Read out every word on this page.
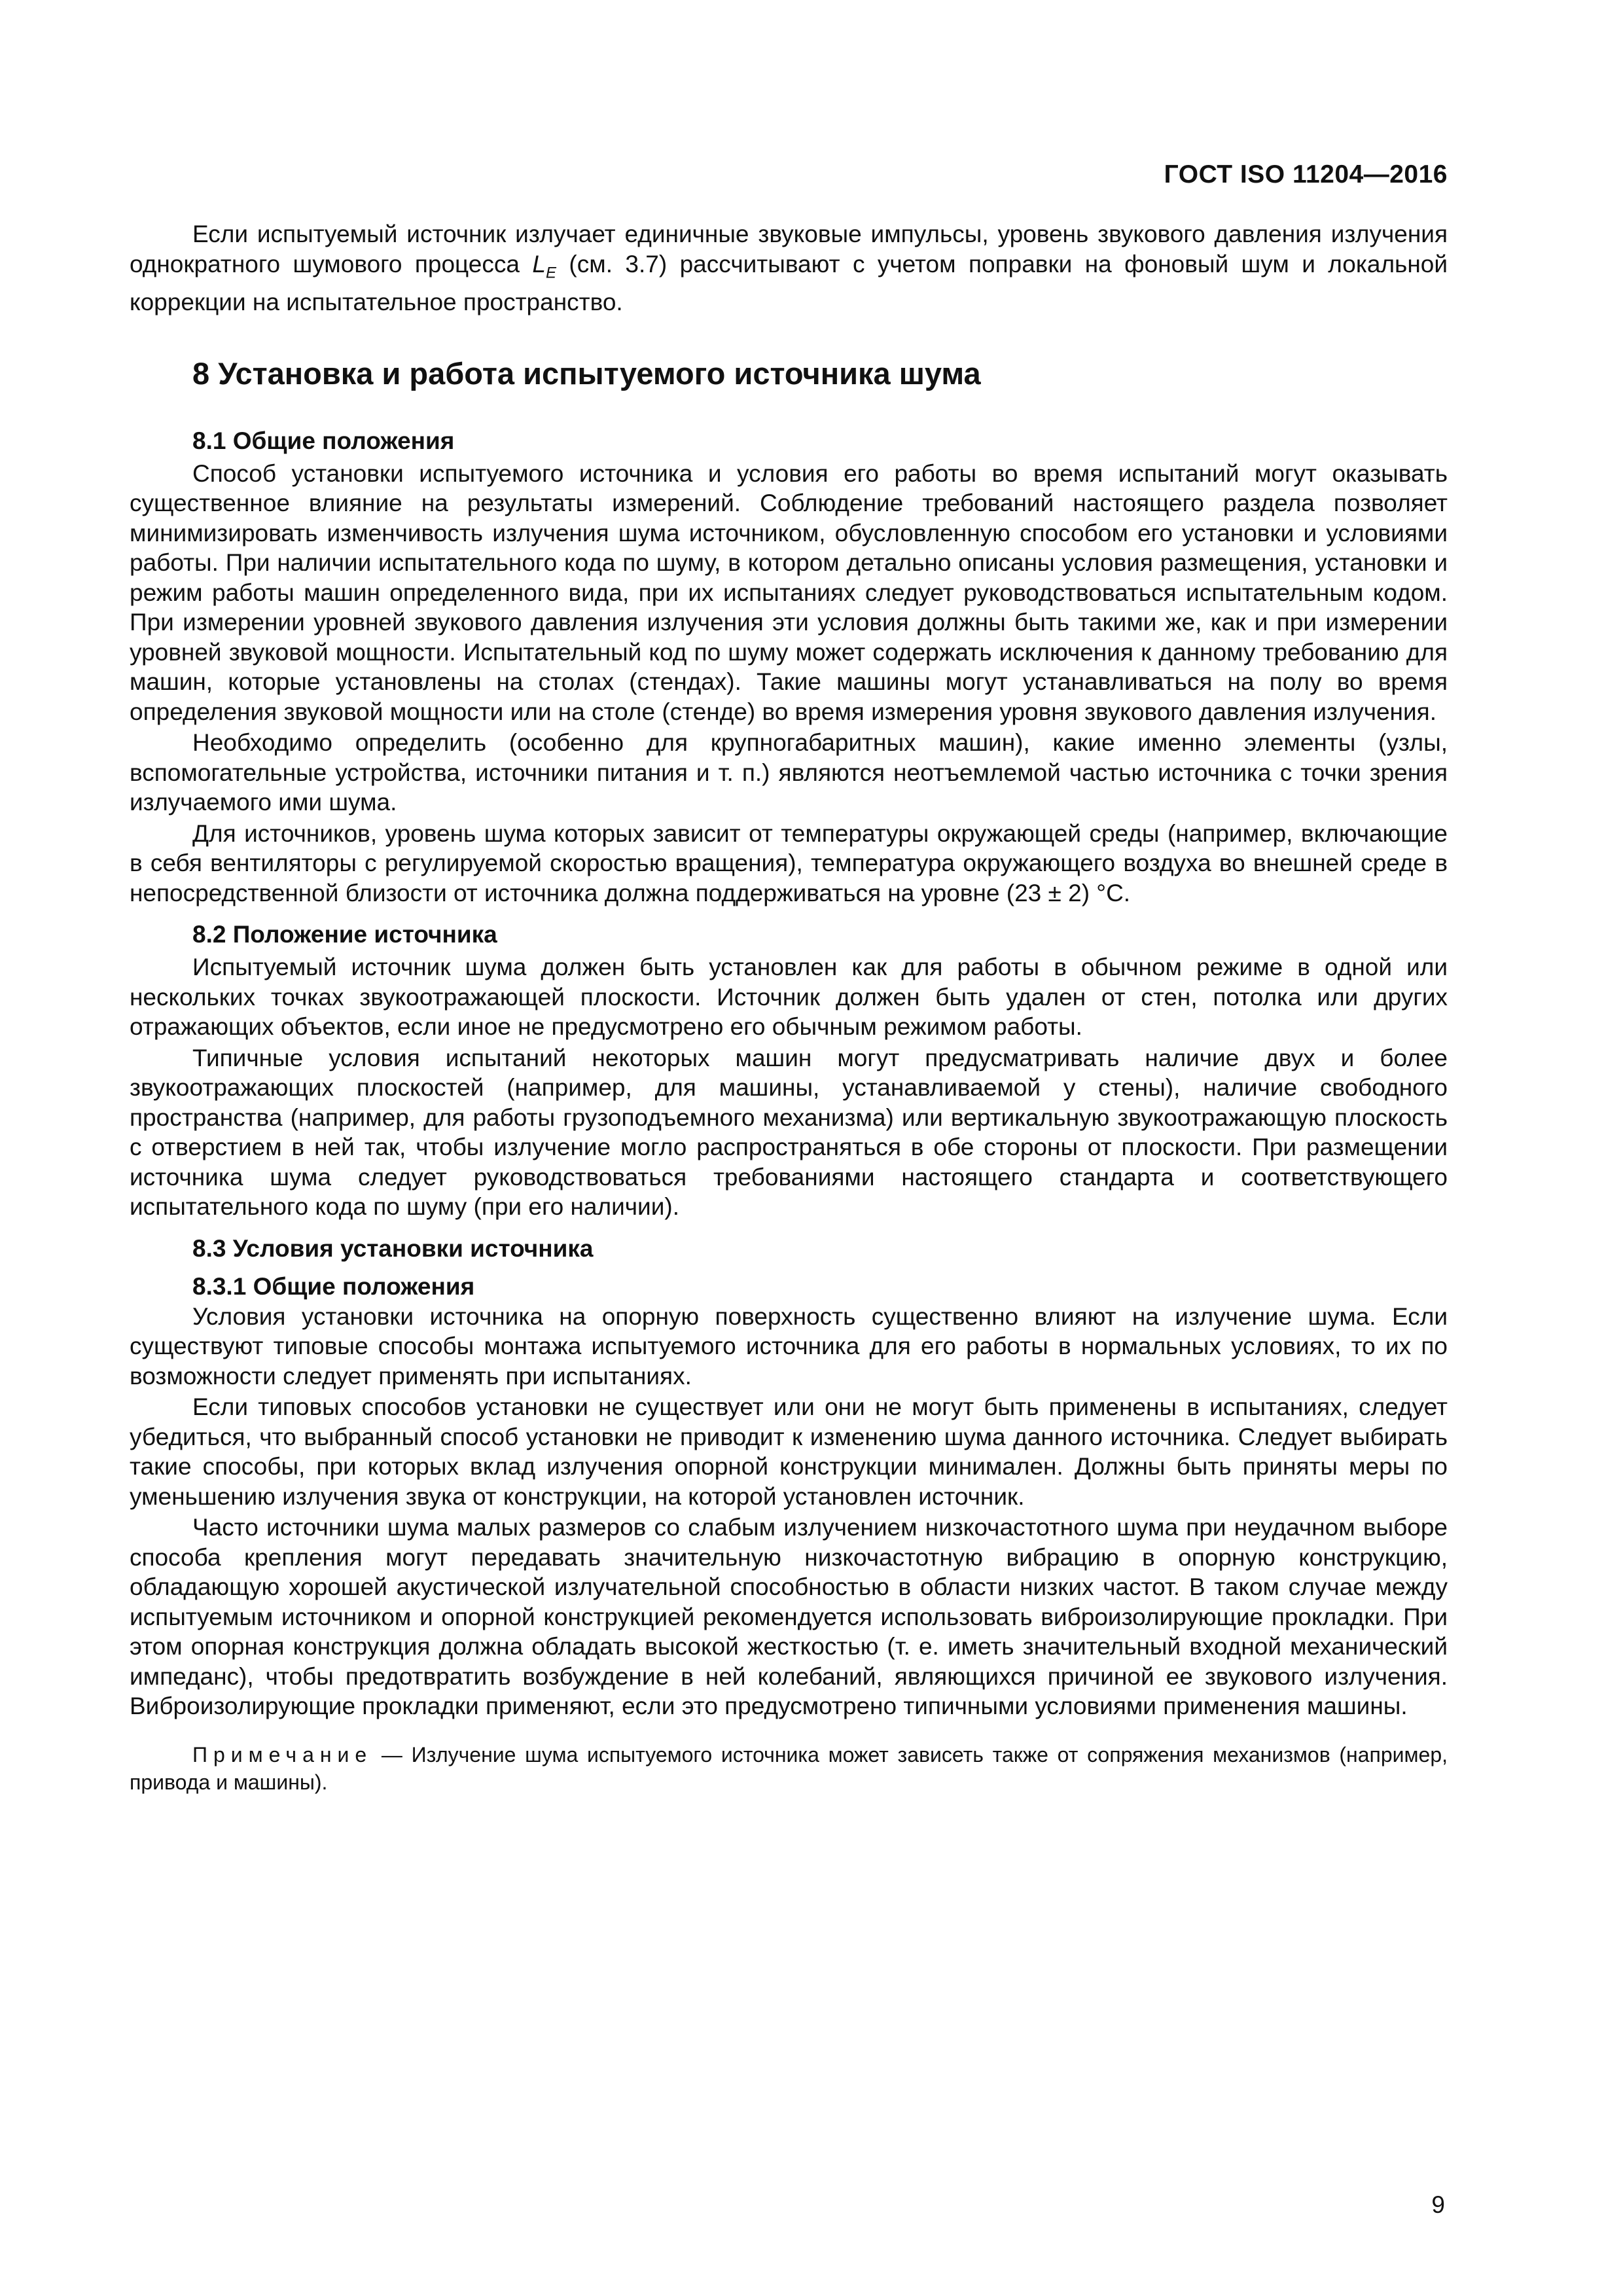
ГОСТ ISO 11204—2016

Если испытуемый источник излучает единичные звуковые импульсы, уровень звукового давления излучения однократного шумового процесса $L_E$ (см. 3.7) рассчитывают с учетом поправки на фоновый шум и локальной коррекции на испытательное пространство.

8 Установка и работа испытуемого источника шума
8.1 Общие положения

Способ установки испытуемого источника и условия его работы во время испытаний могут оказывать существенное влияние на результаты измерений. Соблюдение требований настоящего раздела позволяет минимизировать изменчивость излучения шума источником, обусловленную способом его установки и условиями работы. При наличии испытательного кода по шуму, в котором детально описаны условия размещения, установки и режим работы машин определенного вида, при их испытаниях следует руководствоваться испытательным кодом. При измерении уровней звукового давления излучения эти условия должны быть такими же, как и при измерении уровней звуковой мощности. Испытательный код по шуму может содержать исключения к данному требованию для машин, которые установлены на столах (стендах). Такие машины могут устанавливаться на полу во время определения звуковой мощности или на столе (стенде) во время измерения уровня звукового давления излучения.

Необходимо определить (особенно для крупногабаритных машин), какие именно элементы (узлы, вспомогательные устройства, источники питания и т. п.) являются неотъемлемой частью источника с точки зрения излучаемого ими шума.

Для источников, уровень шума которых зависит от температуры окружающей среды (например, включающие в себя вентиляторы с регулируемой скоростью вращения), температура окружающего воздуха во внешней среде в непосредственной близости от источника должна поддерживаться на уровне (23 ± 2) °С.

8.2 Положение источника

Испытуемый источник шума должен быть установлен как для работы в обычном режиме в одной или нескольких точках звукоотражающей плоскости. Источник должен быть удален от стен, потолка или других отражающих объектов, если иное не предусмотрено его обычным режимом работы.

Типичные условия испытаний некоторых машин могут предусматривать наличие двух и более звукоотражающих плоскостей (например, для машины, устанавливаемой у стены), наличие свободного пространства (например, для работы грузоподъемного механизма) или вертикальную звукоотражающую плоскость с отверстием в ней так, чтобы излучение могло распространяться в обе стороны от плоскости. При размещении источника шума следует руководствоваться требованиями настоящего стандарта и соответствующего испытательного кода по шуму (при его наличии).

8.3 Условия установки источника
8.3.1 Общие положения

Условия установки источника на опорную поверхность существенно влияют на излучение шума. Если существуют типовые способы монтажа испытуемого источника для его работы в нормальных условиях, то их по возможности следует применять при испытаниях.

Если типовых способов установки не существует или они не могут быть применены в испытаниях, следует убедиться, что выбранный способ установки не приводит к изменению шума данного источника. Следует выбирать такие способы, при которых вклад излучения опорной конструкции минимален. Должны быть приняты меры по уменьшению излучения звука от конструкции, на которой установлен источник.

Часто источники шума малых размеров со слабым излучением низкочастотного шума при неудачном выборе способа крепления могут передавать значительную низкочастотную вибрацию в опорную конструкцию, обладающую хорошей акустической излучательной способностью в области низких частот. В таком случае между испытуемым источником и опорной конструкцией рекомендуется использовать виброизолирующие прокладки. При этом опорная конструкция должна обладать высокой жесткостью (т. е. иметь значительный входной механический импеданс), чтобы предотвратить возбуждение в ней колебаний, являющихся причиной ее звукового излучения. Виброизолирующие прокладки применяют, если это предусмотрено типичными условиями применения машины.

Примечание — Излучение шума испытуемого источника может зависеть также от сопряжения механизмов (например, привода и машины).
9
